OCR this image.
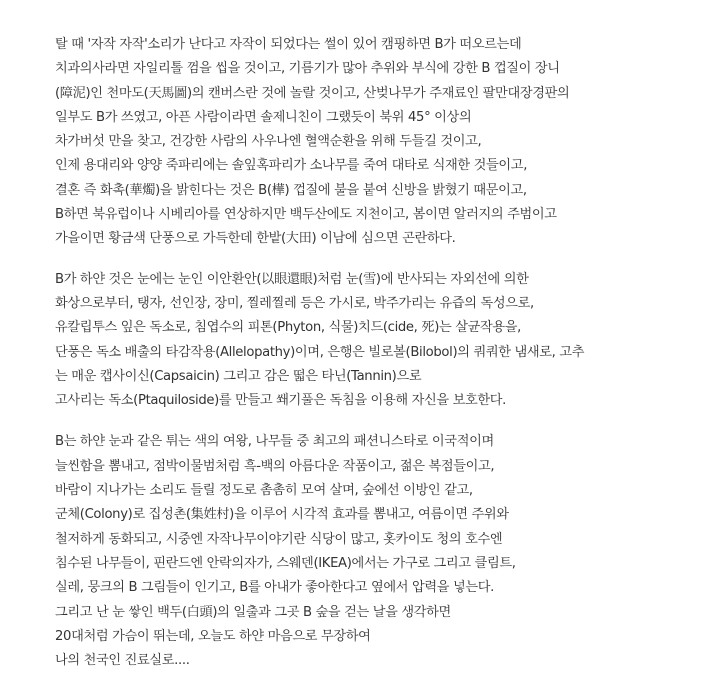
탈 때 '자작 자작'소리가 난다고 자작이 되었다는 썰이 있어 캠핑하면 B가 떠오르는데
치과의사라면 자일리톨 껌을 씹을 것이고, 기름기가 많아 추위와 부식에 강한 B 껍질이 장니
(障泥)인 천마도(天馬圖)의 캔버스란 것에 놀랄 것이고, 산벚나무가 주재료인 팔만대장경판의
일부도 B가 쓰였고, 아픈 사람이라면 솔제니친이 그랬듯이 북위 45° 이상의
차가버섯 만을 찾고, 건강한 사람의 사우나엔 혈액순환을 위해 두들길 것이고,
인제 용대리와 양양 죽파리에는 솔잎혹파리가 소나무를 죽여 대타로 식재한 것들이고,
결혼 즉 화촉(華燭)을 밝힌다는 것은 B(樺) 껍질에 불을 붙여 신방을 밝혔기 때문이고,
B하면 북유럽이나 시베리아를 연상하지만 백두산에도 지천이고, 봄이면 알러지의 주범이고
가을이면 황금색 단풍으로 가득한데 한밭(大田) 이남에 심으면 곤란하다.
B가 하얀 것은 눈에는 눈인 이안환안(以眼還眼)처럼 눈(雪)에 반사되는 자외선에 의한
화상으로부터, 탱자, 선인장, 장미, 찔레찔레 등은 가시로, 박주가리는 유즙의 독성으로,
유칼립투스 잎은 독소로, 침엽수의 피톤(Phyton, 식물)치드(cide, 死)는 살균작용을,
단풍은 독소 배출의 타감작용(Allelopathy)이며, 은행은 빌로볼(Bilobol)의 쿼쿼한 냄새로, 고추
는 매운 캡사이신(Capsaicin) 그리고 감은 떫은 타닌(Tannin)으로
고사리는 독소(Ptaquiloside)를 만들고 쐐기풀은 독침을 이용해 자신을 보호한다.
B는 하얀 눈과 같은 튀는 색의 여왕, 나무들 중 최고의 패션니스타로 이국적이며
늘씬함을 뽐내고, 점박이물범처럼 흑-백의 아름다운 작품이고, 젊은 복점들이고,
바람이 지나가는 소리도 들릴 정도로 촘촘히 모여 살며, 숲에선 이방인 같고,
군체(Colony)로 집성촌(集姓村)을 이루어 시각적 효과를 뽐내고, 여름이면 주위와
철저하게 동화되고, 시중엔 자작나무이야기란 식당이 많고, 홋카이도 청의 호수엔
침수된 나무들이, 핀란드엔 안락의자가, 스웨덴(IKEA)에서는 가구로 그리고 클림트,
실레, 뭉크의 B 그림들이 인기고, B를 아내가 좋아한다고 옆에서 압력을 넣는다.
그리고 난 눈 쌓인 백두(白頭)의 일출과 그곳 B 숲을 걷는 날을 생각하면
20대처럼 가슴이 뛰는데, 오늘도 하얀 마음으로 무장하여
나의 천국인 진료실로....
